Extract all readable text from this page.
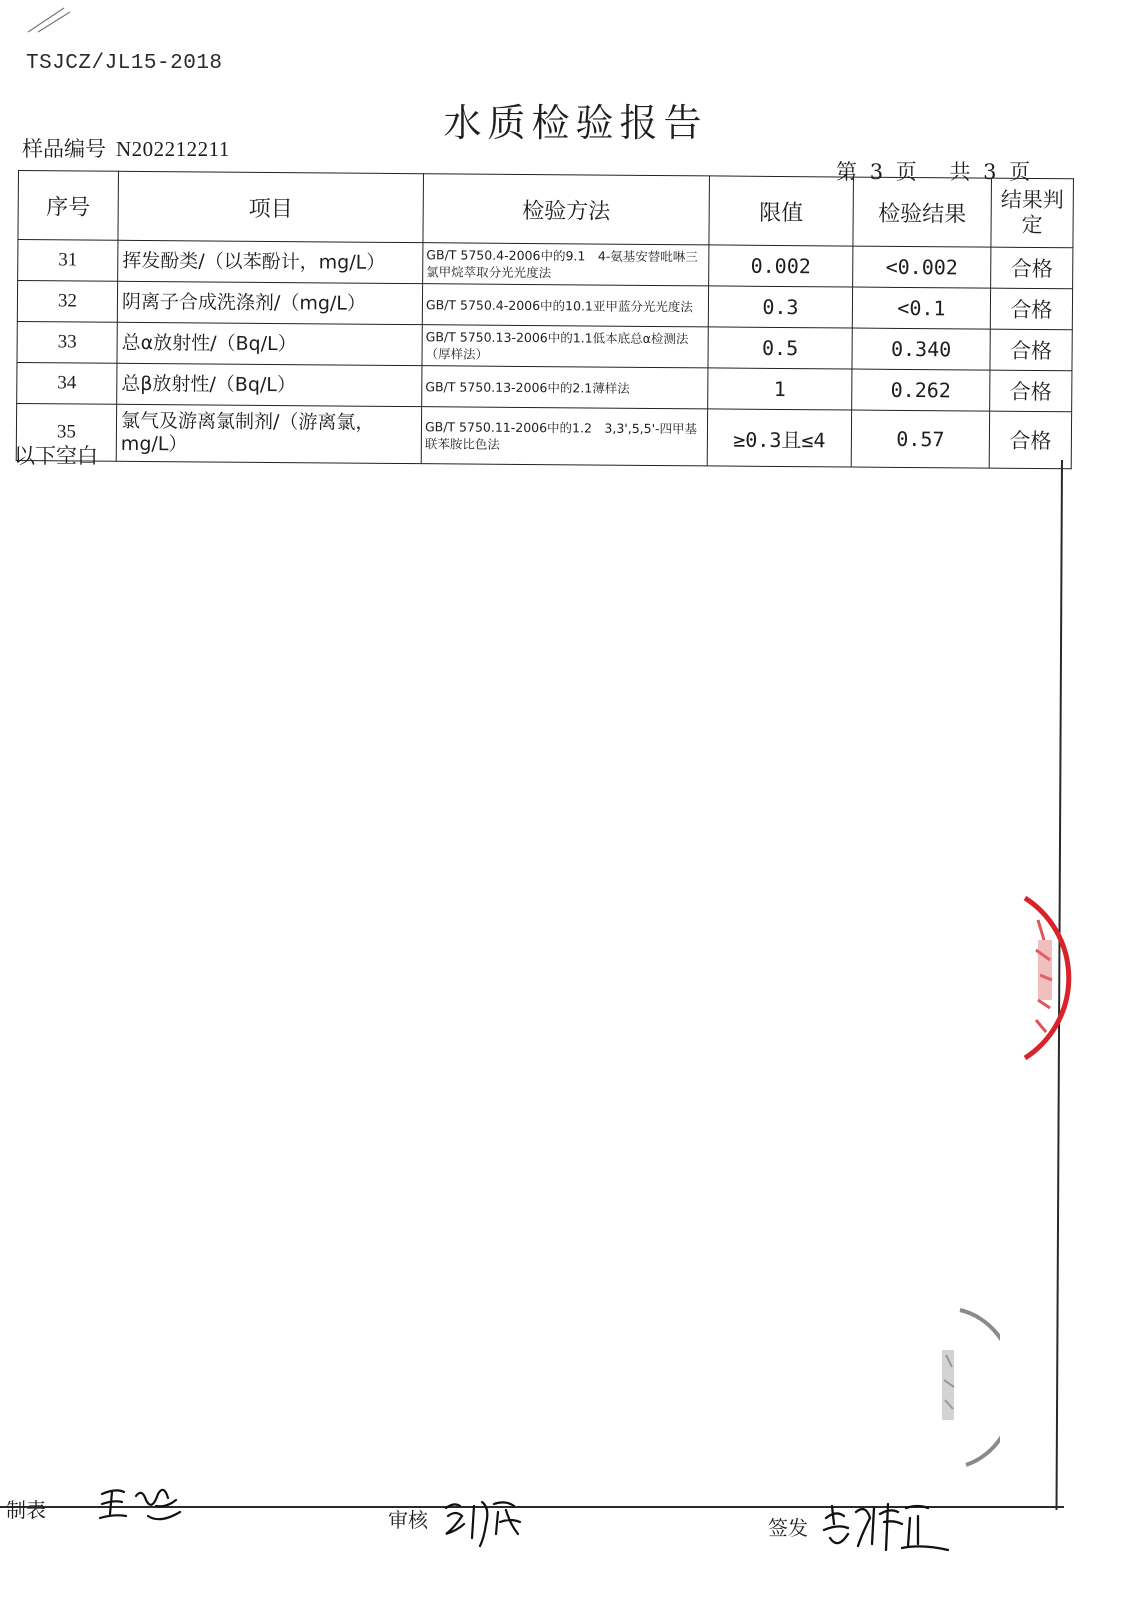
TSJCZ/JL15-2018
水质检验报告
样品编号 N202212211
第 3 页 共 3 页
序号	项目	检验方法	限值	检验结果	结果判定
31	挥发酚类/（以苯酚计，mg/L）	GB/T 5750.4-2006中的9.1　4-氨基安替吡啉三氯甲烷萃取分光光度法	0.002	<0.002	合格
32	阴离子合成洗涤剂/（mg/L）	GB/T 5750.4-2006中的10.1亚甲蓝分光光度法	0.3	<0.1	合格
33	总α放射性/（Bq/L）	GB/T 5750.13-2006中的1.1低本底总α检测法（厚样法）	0.5	0.340	合格
34	总β放射性/（Bq/L）	GB/T 5750.13-2006中的2.1薄样法	1	0.262	合格
35	氯气及游离氯制剂/（游离氯，mg/L）	GB/T 5750.11-2006中的1.2　3,3',5,5'-四甲基联苯胺比色法	≥0.3且≤4	0.57	合格
以下空白
制表	审核	签发
